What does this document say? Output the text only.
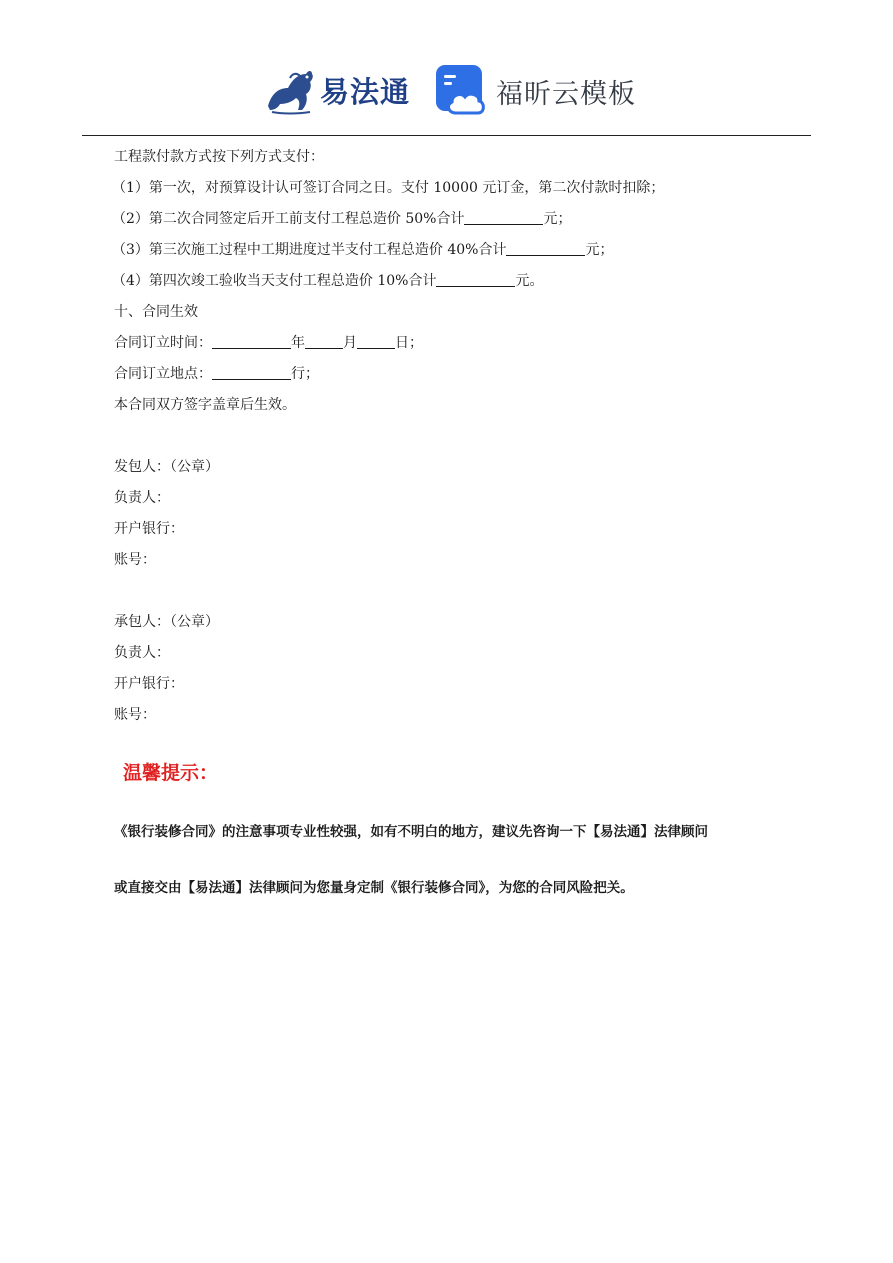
易法通	福昕云模板
工程款付款方式按下列方式支付：
（1）第一次，对预算设计认可签订合同之日。支付 10000 元订金，第二次付款时扣除；
（2）第二次合同签定后开工前支付工程总造价 50%合计	元；
（3）第三次施工过程中工期进度过半支付工程总造价 40%合计	元；
（4）第四次竣工验收当天支付工程总造价 10%合计	元。
十、合同生效
合同订立时间：	年	月	日；
合同订立地点：	行；
本合同双方签字盖章后生效。
发包人：（公章）
负责人：
开户银行：
账号：
承包人：（公章）
负责人：
开户银行：
账号：
温馨提示：
《银行装修合同》的注意事项专业性较强，如有不明白的地方，建议先咨询一下【易法通】法律顾问
或直接交由【易法通】法律顾问为您量身定制《银行装修合同》，为您的合同风险把关。
